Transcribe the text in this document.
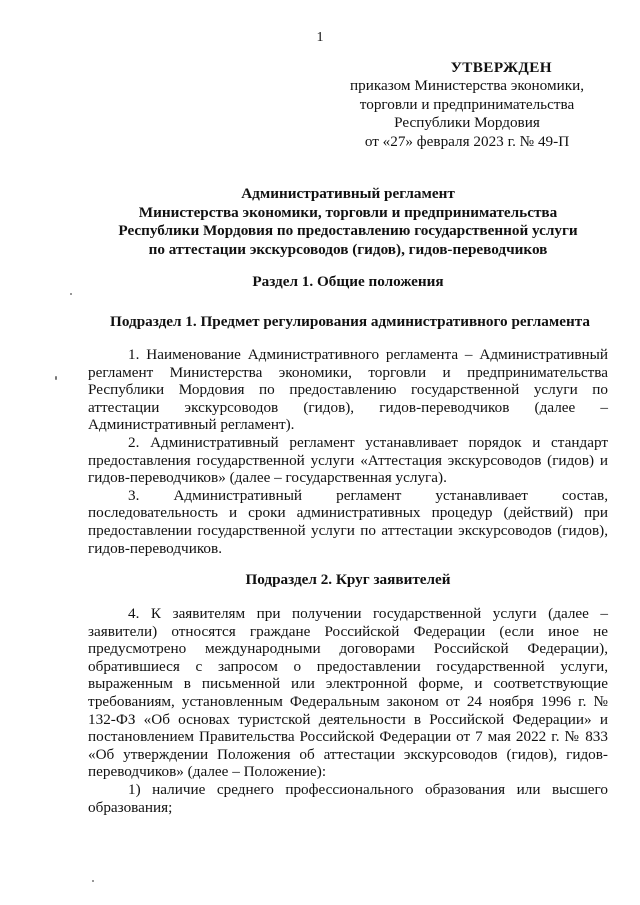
1
УТВЕРЖДЕН
приказом Министерства экономики,
торговли и предпринимательства
Республики Мордовия
от «27» февраля 2023 г. № 49-П
Административный регламент
Министерства экономики, торговли и предпринимательства
Республики Мордовия по предоставлению государственной услуги
по аттестации экскурсоводов (гидов), гидов-переводчиков
Раздел 1. Общие положения
Подраздел 1. Предмет регулирования административного регламента

1. Наименование Административного регламента – Административный регламент Министерства экономики, торговли и предпринимательства Республики Мордовия по предоставлению государственной услуги по аттестации экскурсоводов (гидов), гидов-переводчиков (далее – Административный регламент).

2. Административный регламент устанавливает порядок и стандарт предоставления государственной услуги «Аттестация экскурсоводов (гидов) и гидов-переводчиков» (далее – государственная услуга).

3. Административный регламент устанавливает состав, последовательность и сроки административных процедур (действий) при предоставлении государственной услуги по аттестации экскурсоводов (гидов), гидов-переводчиков.

Подраздел 2. Круг заявителей

4. К заявителям при получении государственной услуги (далее – заявители) относятся граждане Российской Федерации (если иное не предусмотрено международными договорами Российской Федерации), обратившиеся с запросом о предоставлении государственной услуги, выраженным в письменной или электронной форме, и соответствующие требованиям, установленным Федеральным законом от 24 ноября 1996 г. № 132-ФЗ «Об основах туристской деятельности в Российской Федерации» и постановлением Правительства Российской Федерации от 7 мая 2022 г. № 833 «Об утверждении Положения об аттестации экскурсоводов (гидов), гидов-переводчиков» (далее – Положение):

1) наличие среднего профессионального образования или высшего образования;
